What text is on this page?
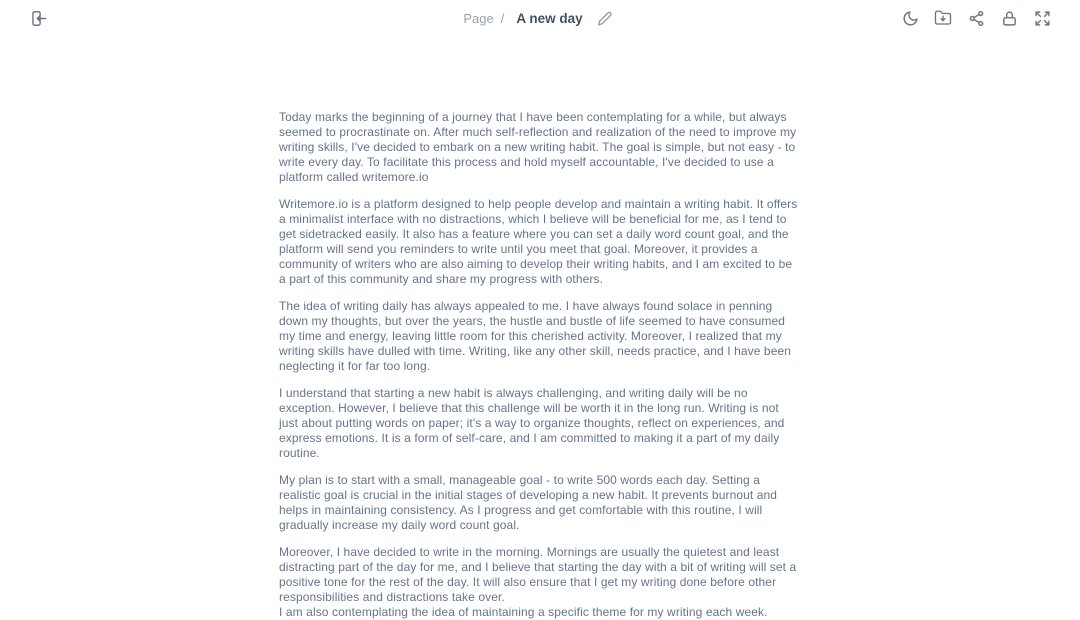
Page / A new day

Today marks the beginning of a journey that I have been contemplating for a while, but always seemed to procrastinate on. After much self-reflection and realization of the need to improve my writing skills, I've decided to embark on a new writing habit. The goal is simple, but not easy - to write every day. To facilitate this process and hold myself accountable, I've decided to use a platform called writemore.io

Writemore.io is a platform designed to help people develop and maintain a writing habit. It offers a minimalist interface with no distractions, which I believe will be beneficial for me, as I tend to get sidetracked easily. It also has a feature where you can set a daily word count goal, and the platform will send you reminders to write until you meet that goal. Moreover, it provides a community of writers who are also aiming to develop their writing habits, and I am excited to be a part of this community and share my progress with others.

The idea of writing daily has always appealed to me. I have always found solace in penning down my thoughts, but over the years, the hustle and bustle of life seemed to have consumed my time and energy, leaving little room for this cherished activity. Moreover, I realized that my writing skills have dulled with time. Writing, like any other skill, needs practice, and I have been neglecting it for far too long.

I understand that starting a new habit is always challenging, and writing daily will be no exception. However, I believe that this challenge will be worth it in the long run. Writing is not just about putting words on paper; it's a way to organize thoughts, reflect on experiences, and express emotions. It is a form of self-care, and I am committed to making it a part of my daily routine.

My plan is to start with a small, manageable goal - to write 500 words each day. Setting a realistic goal is crucial in the initial stages of developing a new habit. It prevents burnout and helps in maintaining consistency. As I progress and get comfortable with this routine, I will gradually increase my daily word count goal.

Moreover, I have decided to write in the morning. Mornings are usually the quietest and least distracting part of the day for me, and I believe that starting the day with a bit of writing will set a positive tone for the rest of the day. It will also ensure that I get my writing done before other responsibilities and distractions take over.
I am also contemplating the idea of maintaining a specific theme for my writing each week.
